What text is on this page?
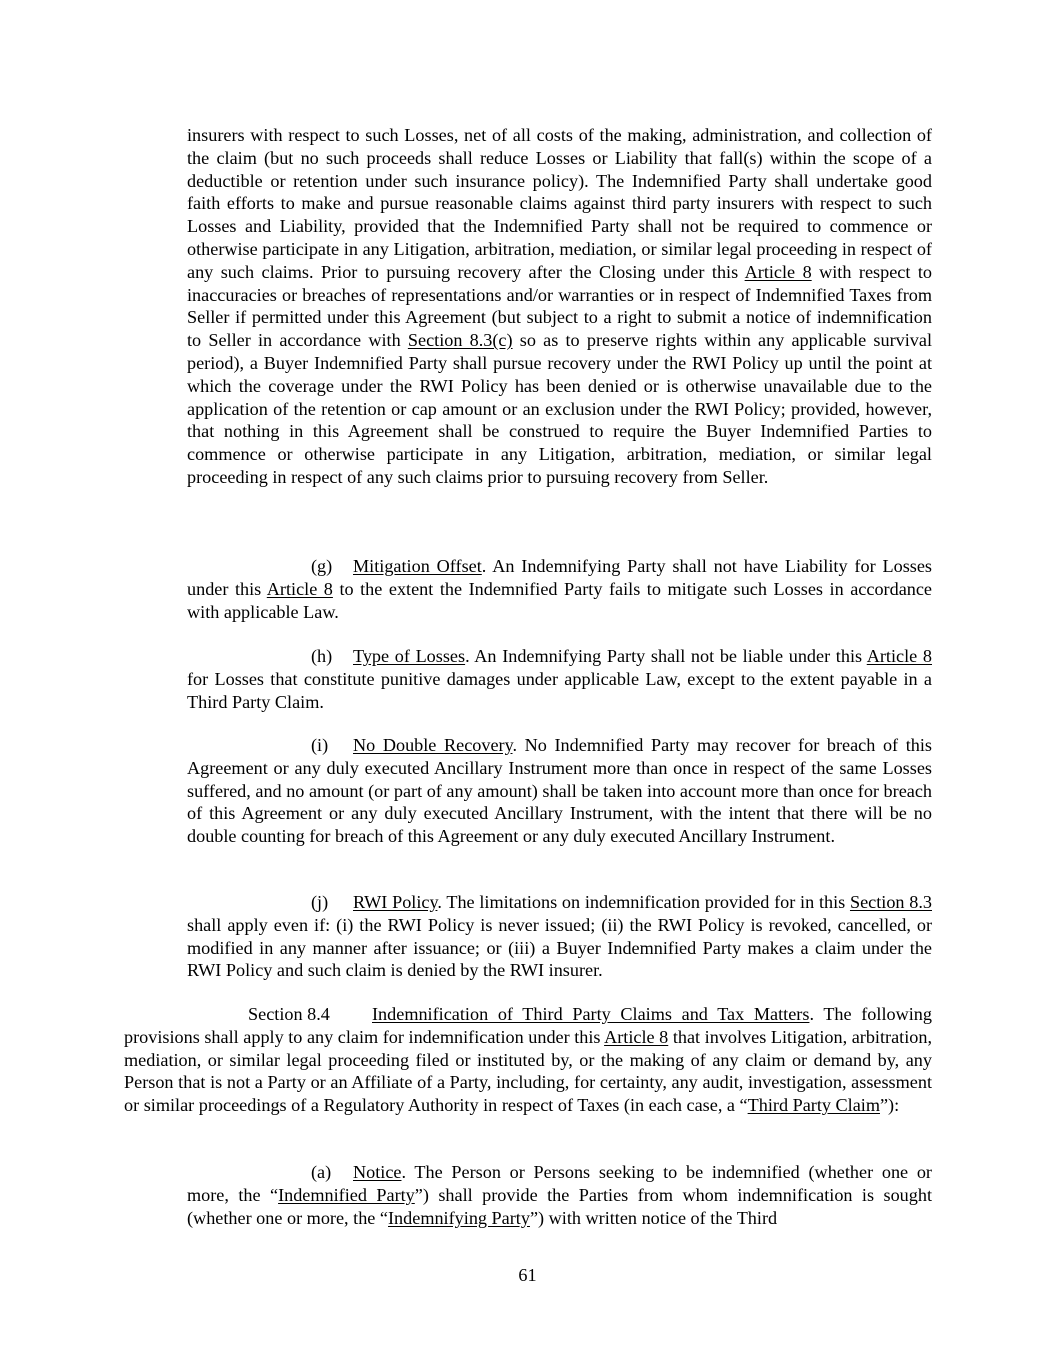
insurers with respect to such Losses, net of all costs of the making, administration, and collection of the claim (but no such proceeds shall reduce Losses or Liability that fall(s) within the scope of a deductible or retention under such insurance policy). The Indemnified Party shall undertake good faith efforts to make and pursue reasonable claims against third party insurers with respect to such Losses and Liability, provided that the Indemnified Party shall not be required to commence or otherwise participate in any Litigation, arbitration, mediation, or similar legal proceeding in respect of any such claims. Prior to pursuing recovery after the Closing under this Article 8 with respect to inaccuracies or breaches of representations and/or warranties or in respect of Indemnified Taxes from Seller if permitted under this Agreement (but subject to a right to submit a notice of indemnification to Seller in accordance with Section 8.3(c) so as to preserve rights within any applicable survival period), a Buyer Indemnified Party shall pursue recovery under the RWI Policy up until the point at which the coverage under the RWI Policy has been denied or is otherwise unavailable due to the application of the retention or cap amount or an exclusion under the RWI Policy; provided, however, that nothing in this Agreement shall be construed to require the Buyer Indemnified Parties to commence or otherwise participate in any Litigation, arbitration, mediation, or similar legal proceeding in respect of any such claims prior to pursuing recovery from Seller.

(g) Mitigation Offset. An Indemnifying Party shall not have Liability for Losses under this Article 8 to the extent the Indemnified Party fails to mitigate such Losses in accordance with applicable Law.

(h) Type of Losses. An Indemnifying Party shall not be liable under this Article 8 for Losses that constitute punitive damages under applicable Law, except to the extent payable in a Third Party Claim.

(i) No Double Recovery. No Indemnified Party may recover for breach of this Agreement or any duly executed Ancillary Instrument more than once in respect of the same Losses suffered, and no amount (or part of any amount) shall be taken into account more than once for breach of this Agreement or any duly executed Ancillary Instrument, with the intent that there will be no double counting for breach of this Agreement or any duly executed Ancillary Instrument.

(j) RWI Policy. The limitations on indemnification provided for in this Section 8.3 shall apply even if: (i) the RWI Policy is never issued; (ii) the RWI Policy is revoked, cancelled, or modified in any manner after issuance; or (iii) a Buyer Indemnified Party makes a claim under the RWI Policy and such claim is denied by the RWI insurer.

Section 8.4 Indemnification of Third Party Claims and Tax Matters. The following provisions shall apply to any claim for indemnification under this Article 8 that involves Litigation, arbitration, mediation, or similar legal proceeding filed or instituted by, or the making of any claim or demand by, any Person that is not a Party or an Affiliate of a Party, including, for certainty, any audit, investigation, assessment or similar proceedings of a Regulatory Authority in respect of Taxes (in each case, a “Third Party Claim”):

(a) Notice. The Person or Persons seeking to be indemnified (whether one or more, the “Indemnified Party”) shall provide the Parties from whom indemnification is sought (whether one or more, the “Indemnifying Party”) with written notice of the Third

61
